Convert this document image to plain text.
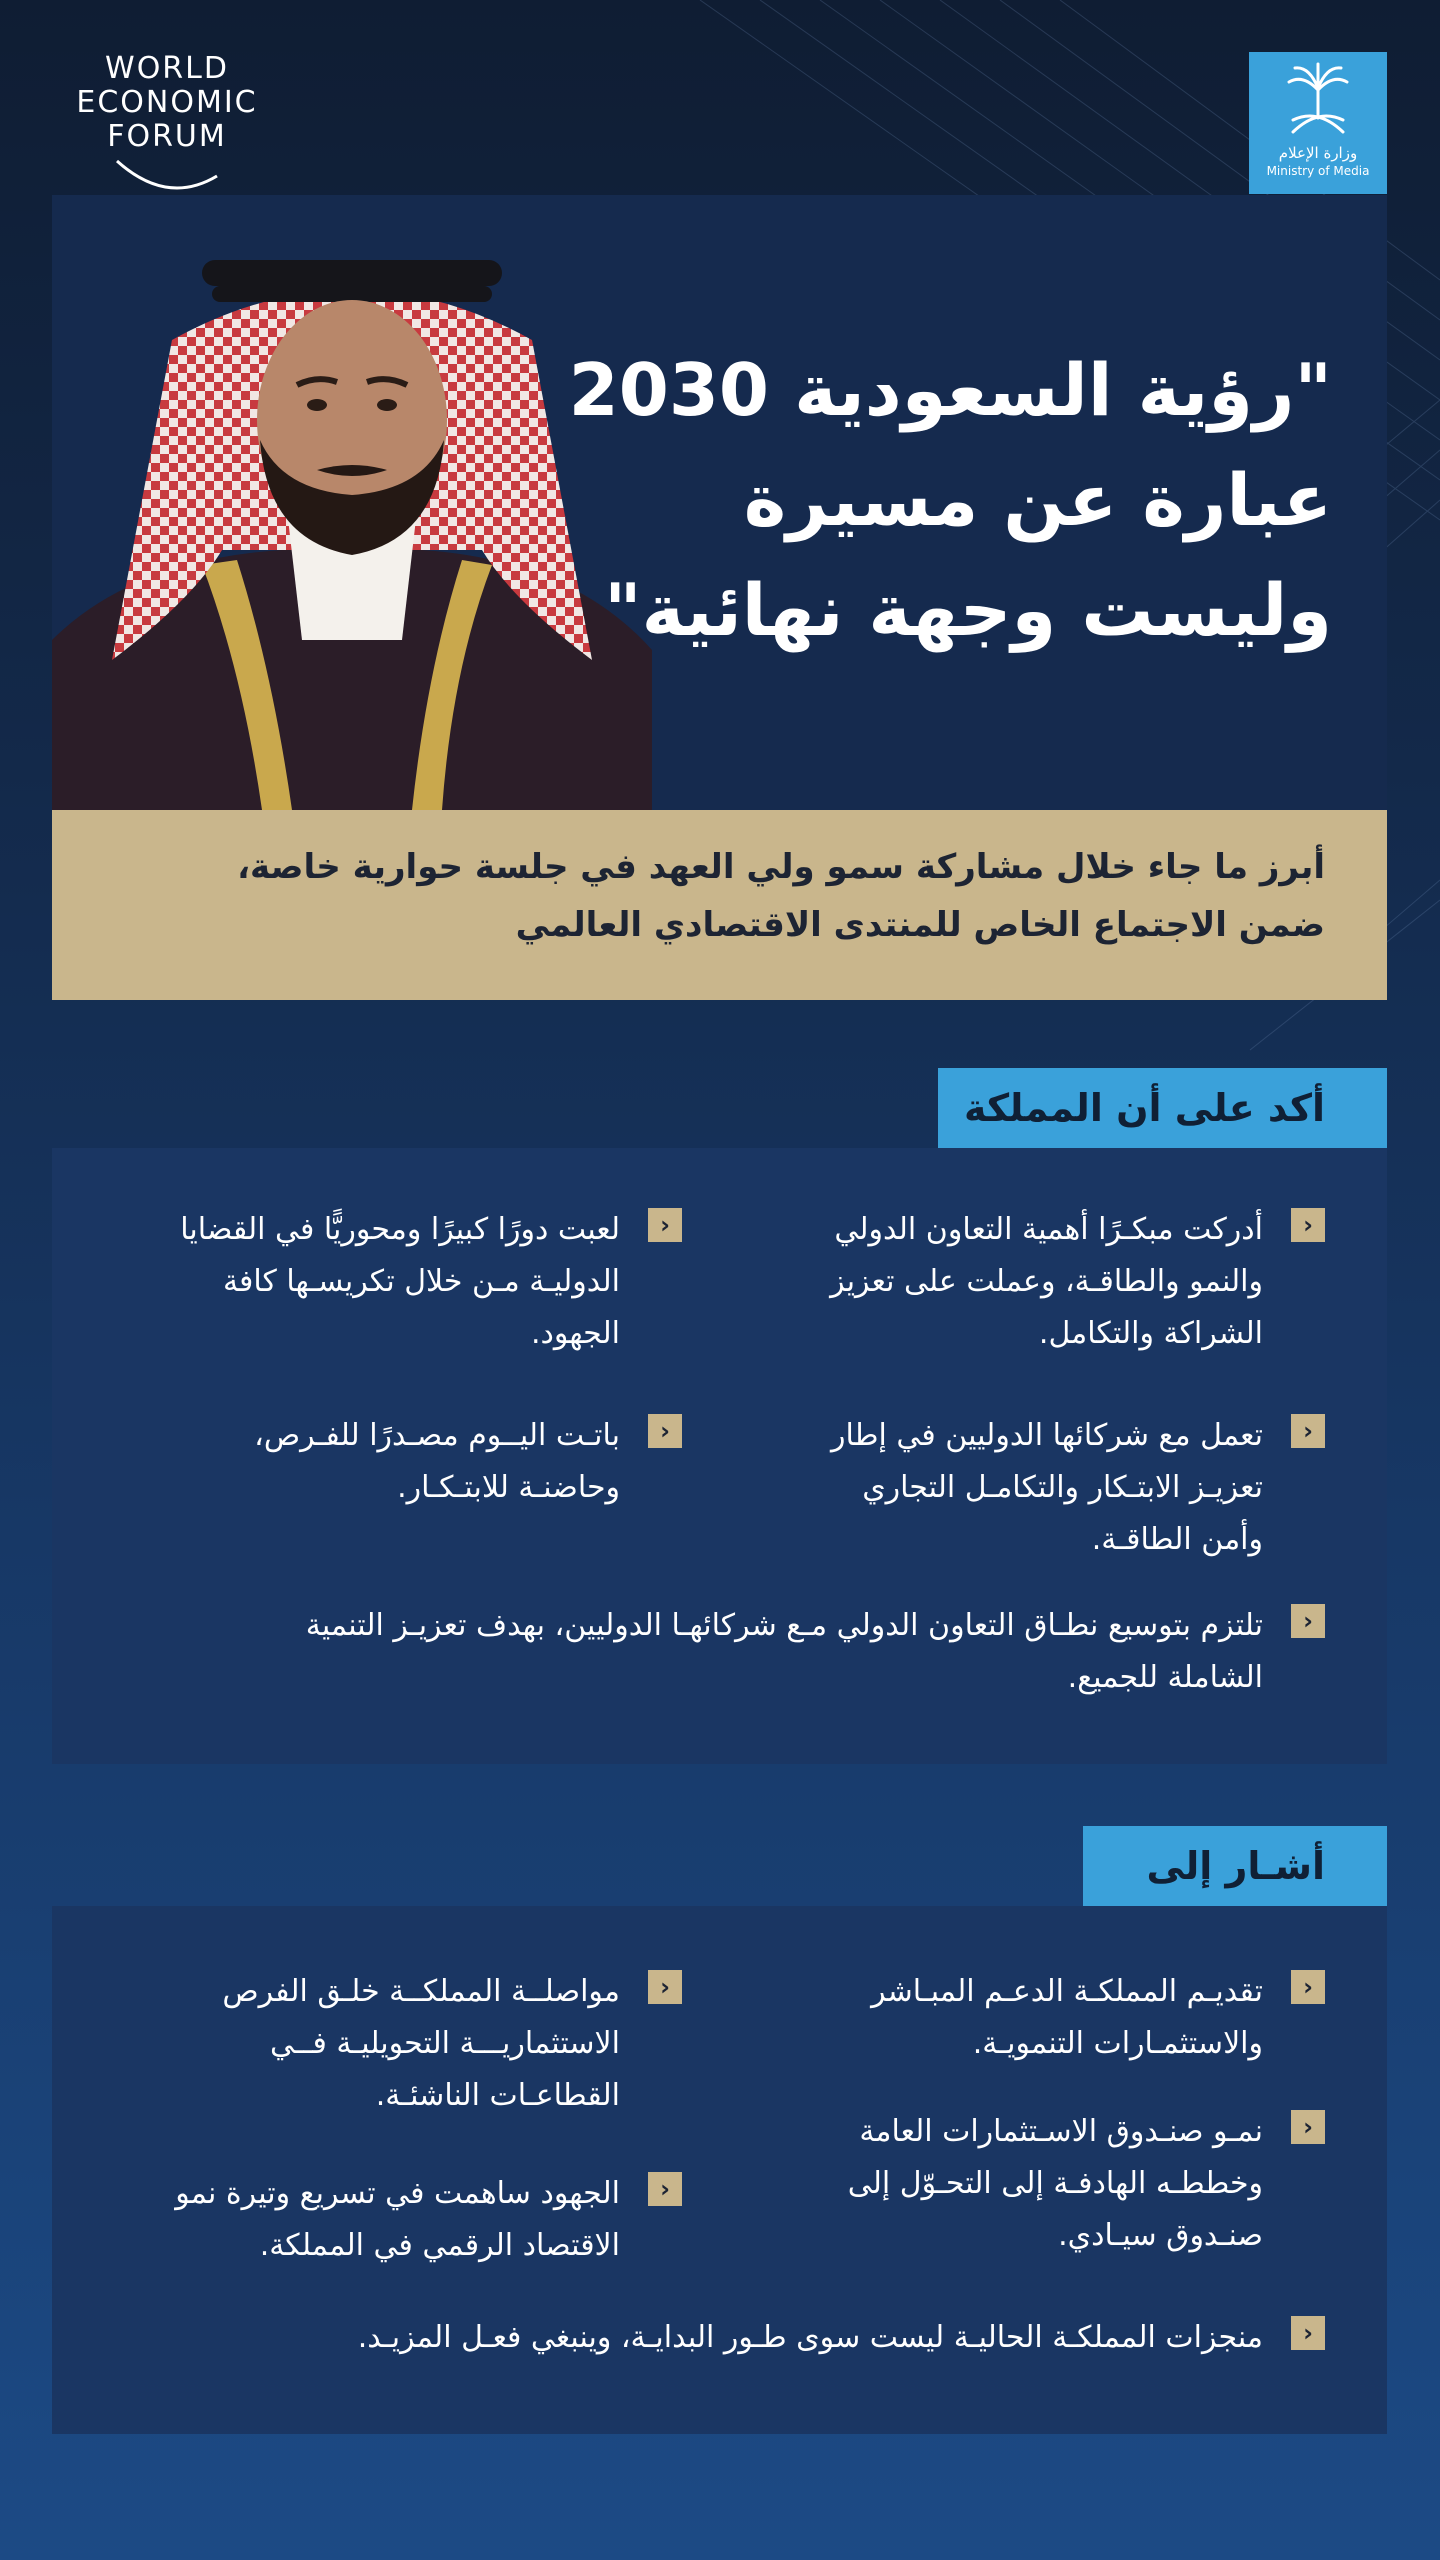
WORLD
ECONOMIC
FORUM	وزارة الإعلام
Ministry of Media
"رؤية السعودية 2030
عبارة عن مسيرة
وليست وجهة نهائية"
أبرز ما جاء خلال مشاركة سمو ولي العهد في جلسة حوارية خاصة،
ضمن الاجتماع الخاص للمنتدى الاقتصادي العالمي
أكد على أن المملكة
‹
أدركت مبكـرًا أهمية التعاون الدولي
والنمو والطاقـة، وعملت على تعزيز
الشراكة والتكامل.
‹
لعبت دورًا كبيرًا ومحوريًّا في القضايا
الدوليـة مـن خلال تكريسـها كافة
الجهود.
‹
تعمل مع شركائها الدوليين في إطار
تعزيـز الابتـكار والتكامـل التجاري
وأمن الطاقـة.
‹
باتـت اليــوم مصـدرًا للفـرص،
وحاضنـة للابتـكـار.
‹
تلتزم بتوسيع نطـاق التعاون الدولي مـع شركائهـا الدوليين، بهدف تعزيـز التنمية
الشاملة للجميع.
أشـار إلى
‹
تقديـم المملكـة الدعـم المبـاشر
والاستثمـارات التنمويـة.
‹
مواصلــة المملكــة خلـق الفرص
الاستثماريـــة التحويليـة فــي
القطاعـات الناشئـة.
‹
نمـو صنـدوق الاسـتثمارات العامة
وخططـه الهادفـة إلى التحـوّل إلى
صنـدوق سيـادي.
‹
الجهود ساهمت في تسريع وتيرة نمو
الاقتصاد الرقمي في المملكة.
‹
منجزات المملكـة الحاليـة ليست سوى طـور البدايـة، وينبغي فعـل المزيـد.
